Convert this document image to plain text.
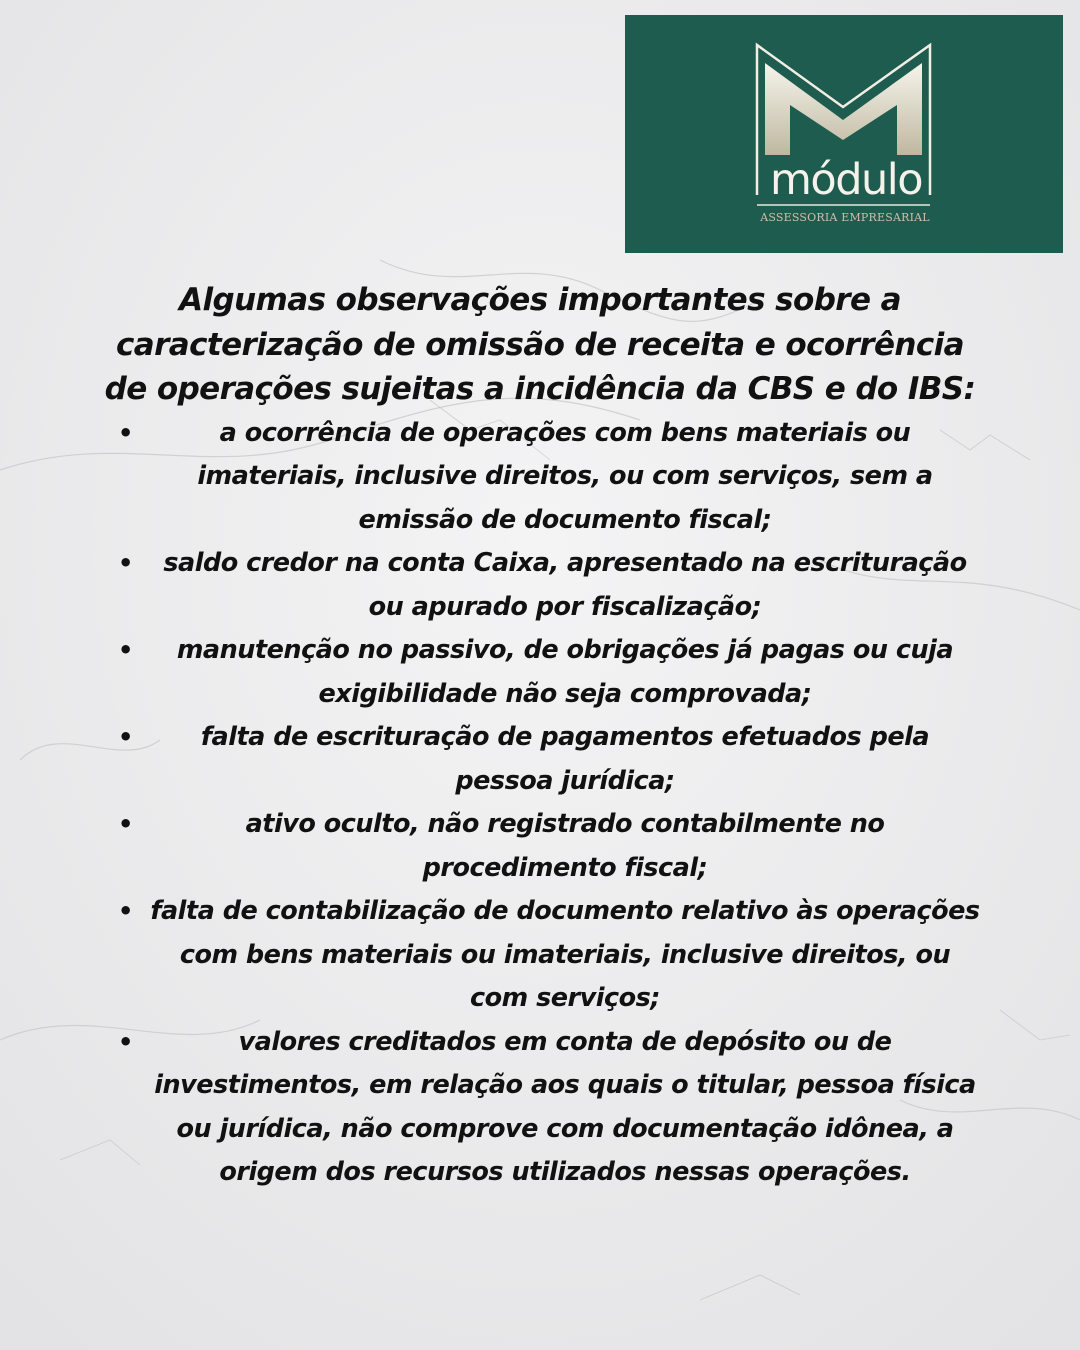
módulo
ASSESSORIA EMPRESARIAL
Algumas observações importantes sobre a caracterização de omissão de receita e ocorrência de operações sujeitas a incidência da CBS e do IBS:
•	a ocorrência de operações com bens materiais ou imateriais, inclusive direitos, ou com serviços, sem a emissão de documento fiscal;
• saldo credor na conta Caixa, apresentado na escrituração ou apurado por fiscalização;
• manutenção no passivo, de obrigações já pagas ou cuja exigibilidade não seja comprovada;
•	falta de escrituração de pagamentos efetuados pela pessoa jurídica;
•	ativo oculto, não registrado contabilmente no procedimento fiscal;
• falta de contabilização de documento relativo às operações com bens materiais ou imateriais, inclusive direitos, ou com serviços;
•	valores creditados em conta de depósito ou de investimentos, em relação aos quais o titular, pessoa física ou jurídica, não comprove com documentação idônea, a origem dos recursos utilizados nessas operações.
